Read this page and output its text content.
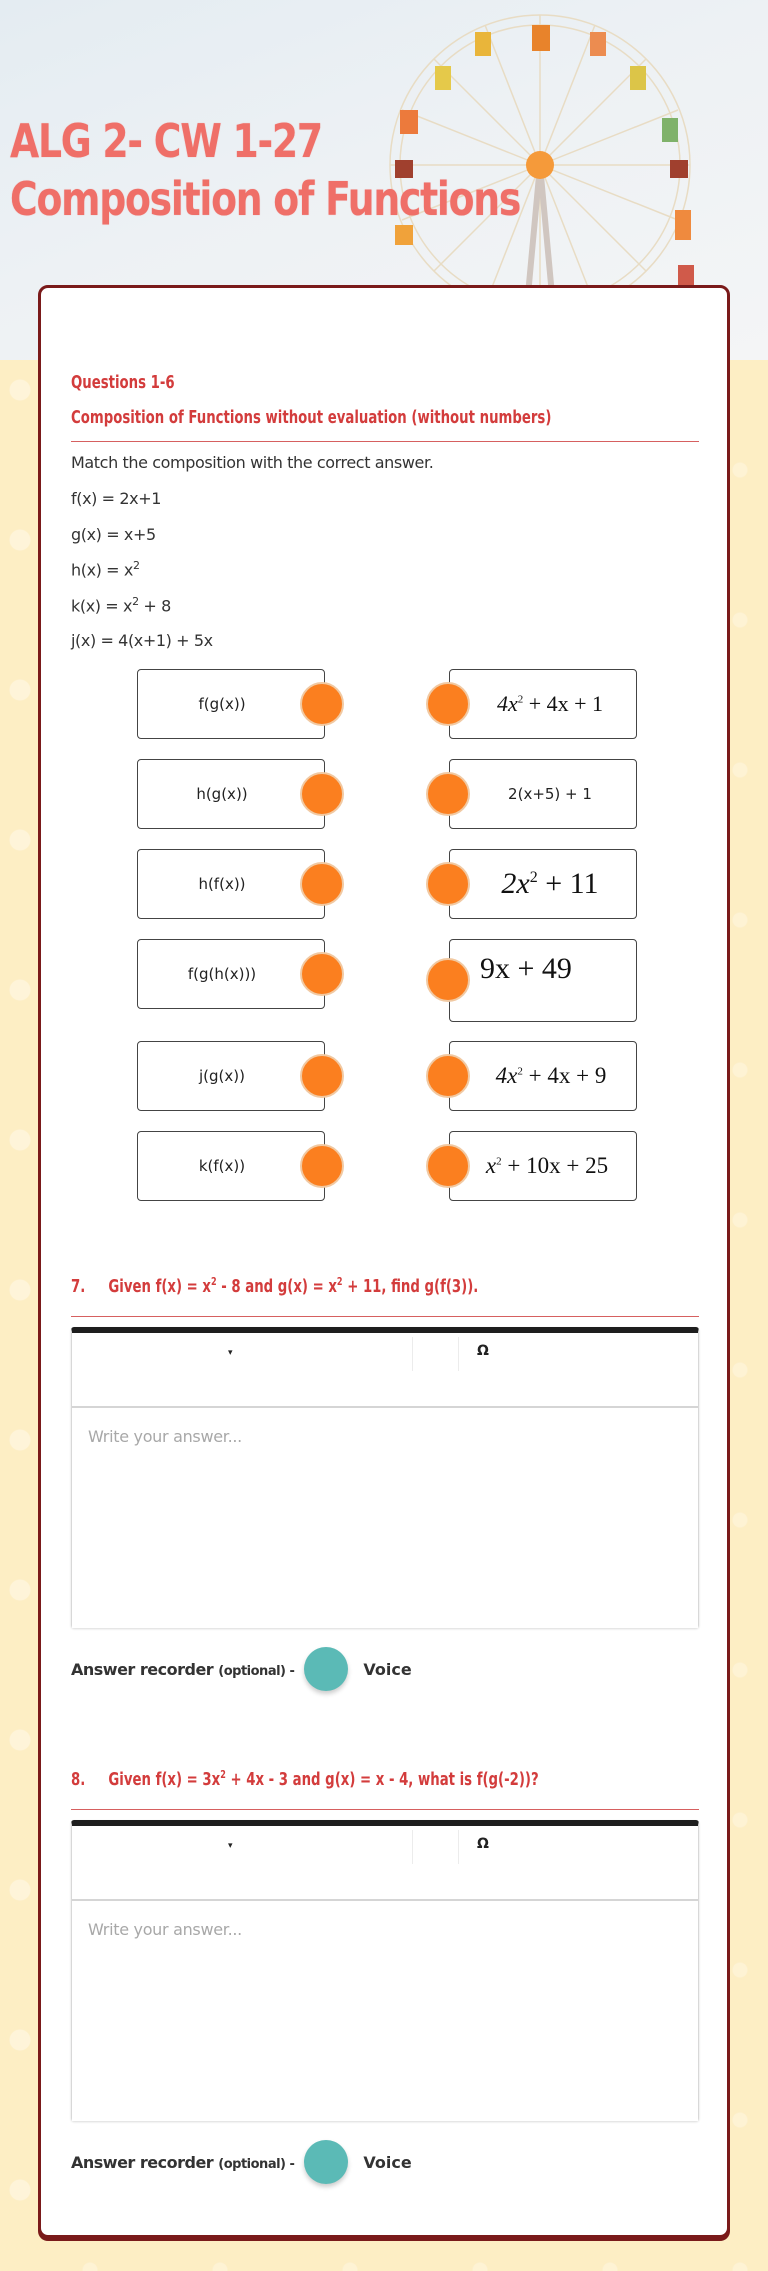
ALG 2- CW 1-27
Composition of Functions
Questions 1-6
Composition of Functions without evaluation (without numbers)
Match the composition with the correct answer.
f(x) = 2x+1
g(x) = x+5
$h(x) = x^2$
$k(x) = x^2 + 8$
j(x) = 4(x+1) + 5x
f(g(x))
h(g(x))
h(f(x))
f(g(h(x)))
j(g(x))
k(f(x))
$4x^2 + 4x + 1$
2(x+5) + 1
$2x^2 + 11$
9x + 49
$4x^2 + 4x + 9$
$x^2 + 10x + 25$
7. Given $f(x) = x^2 - 8$ and $g(x) = x^2 + 11$, find g(f(3)).
▾	Ω
Write your answer...
Answer recorder (optional) -	Voice
8. Given $f(x) = 3x^2 + 4x - 3$ and g(x) = x - 4, what is f(g(-2))?
▾	Ω
Write your answer...
Answer recorder (optional) -	Voice
